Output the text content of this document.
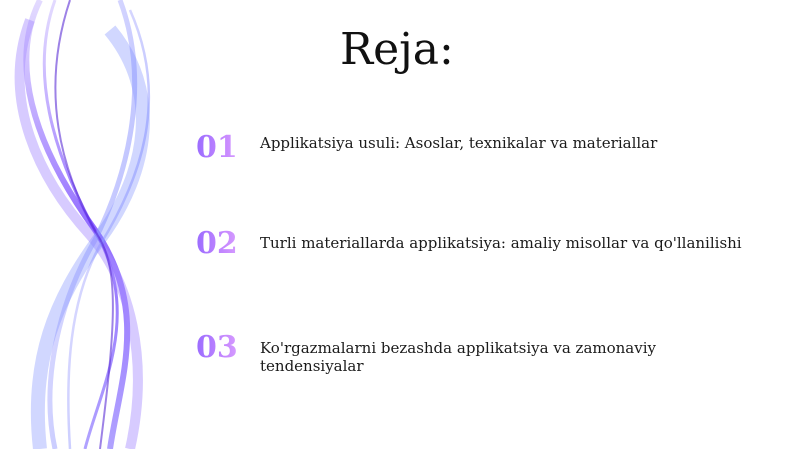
Reja:
01	Applikatsiya usuli: Asoslar, texnikalar va materiallar
02	Turli materiallarda applikatsiya: amaliy misollar va qo'llanilishi
03	Ko'rgazmalarni bezashda applikatsiya va zamonaviy tendensiyalar
